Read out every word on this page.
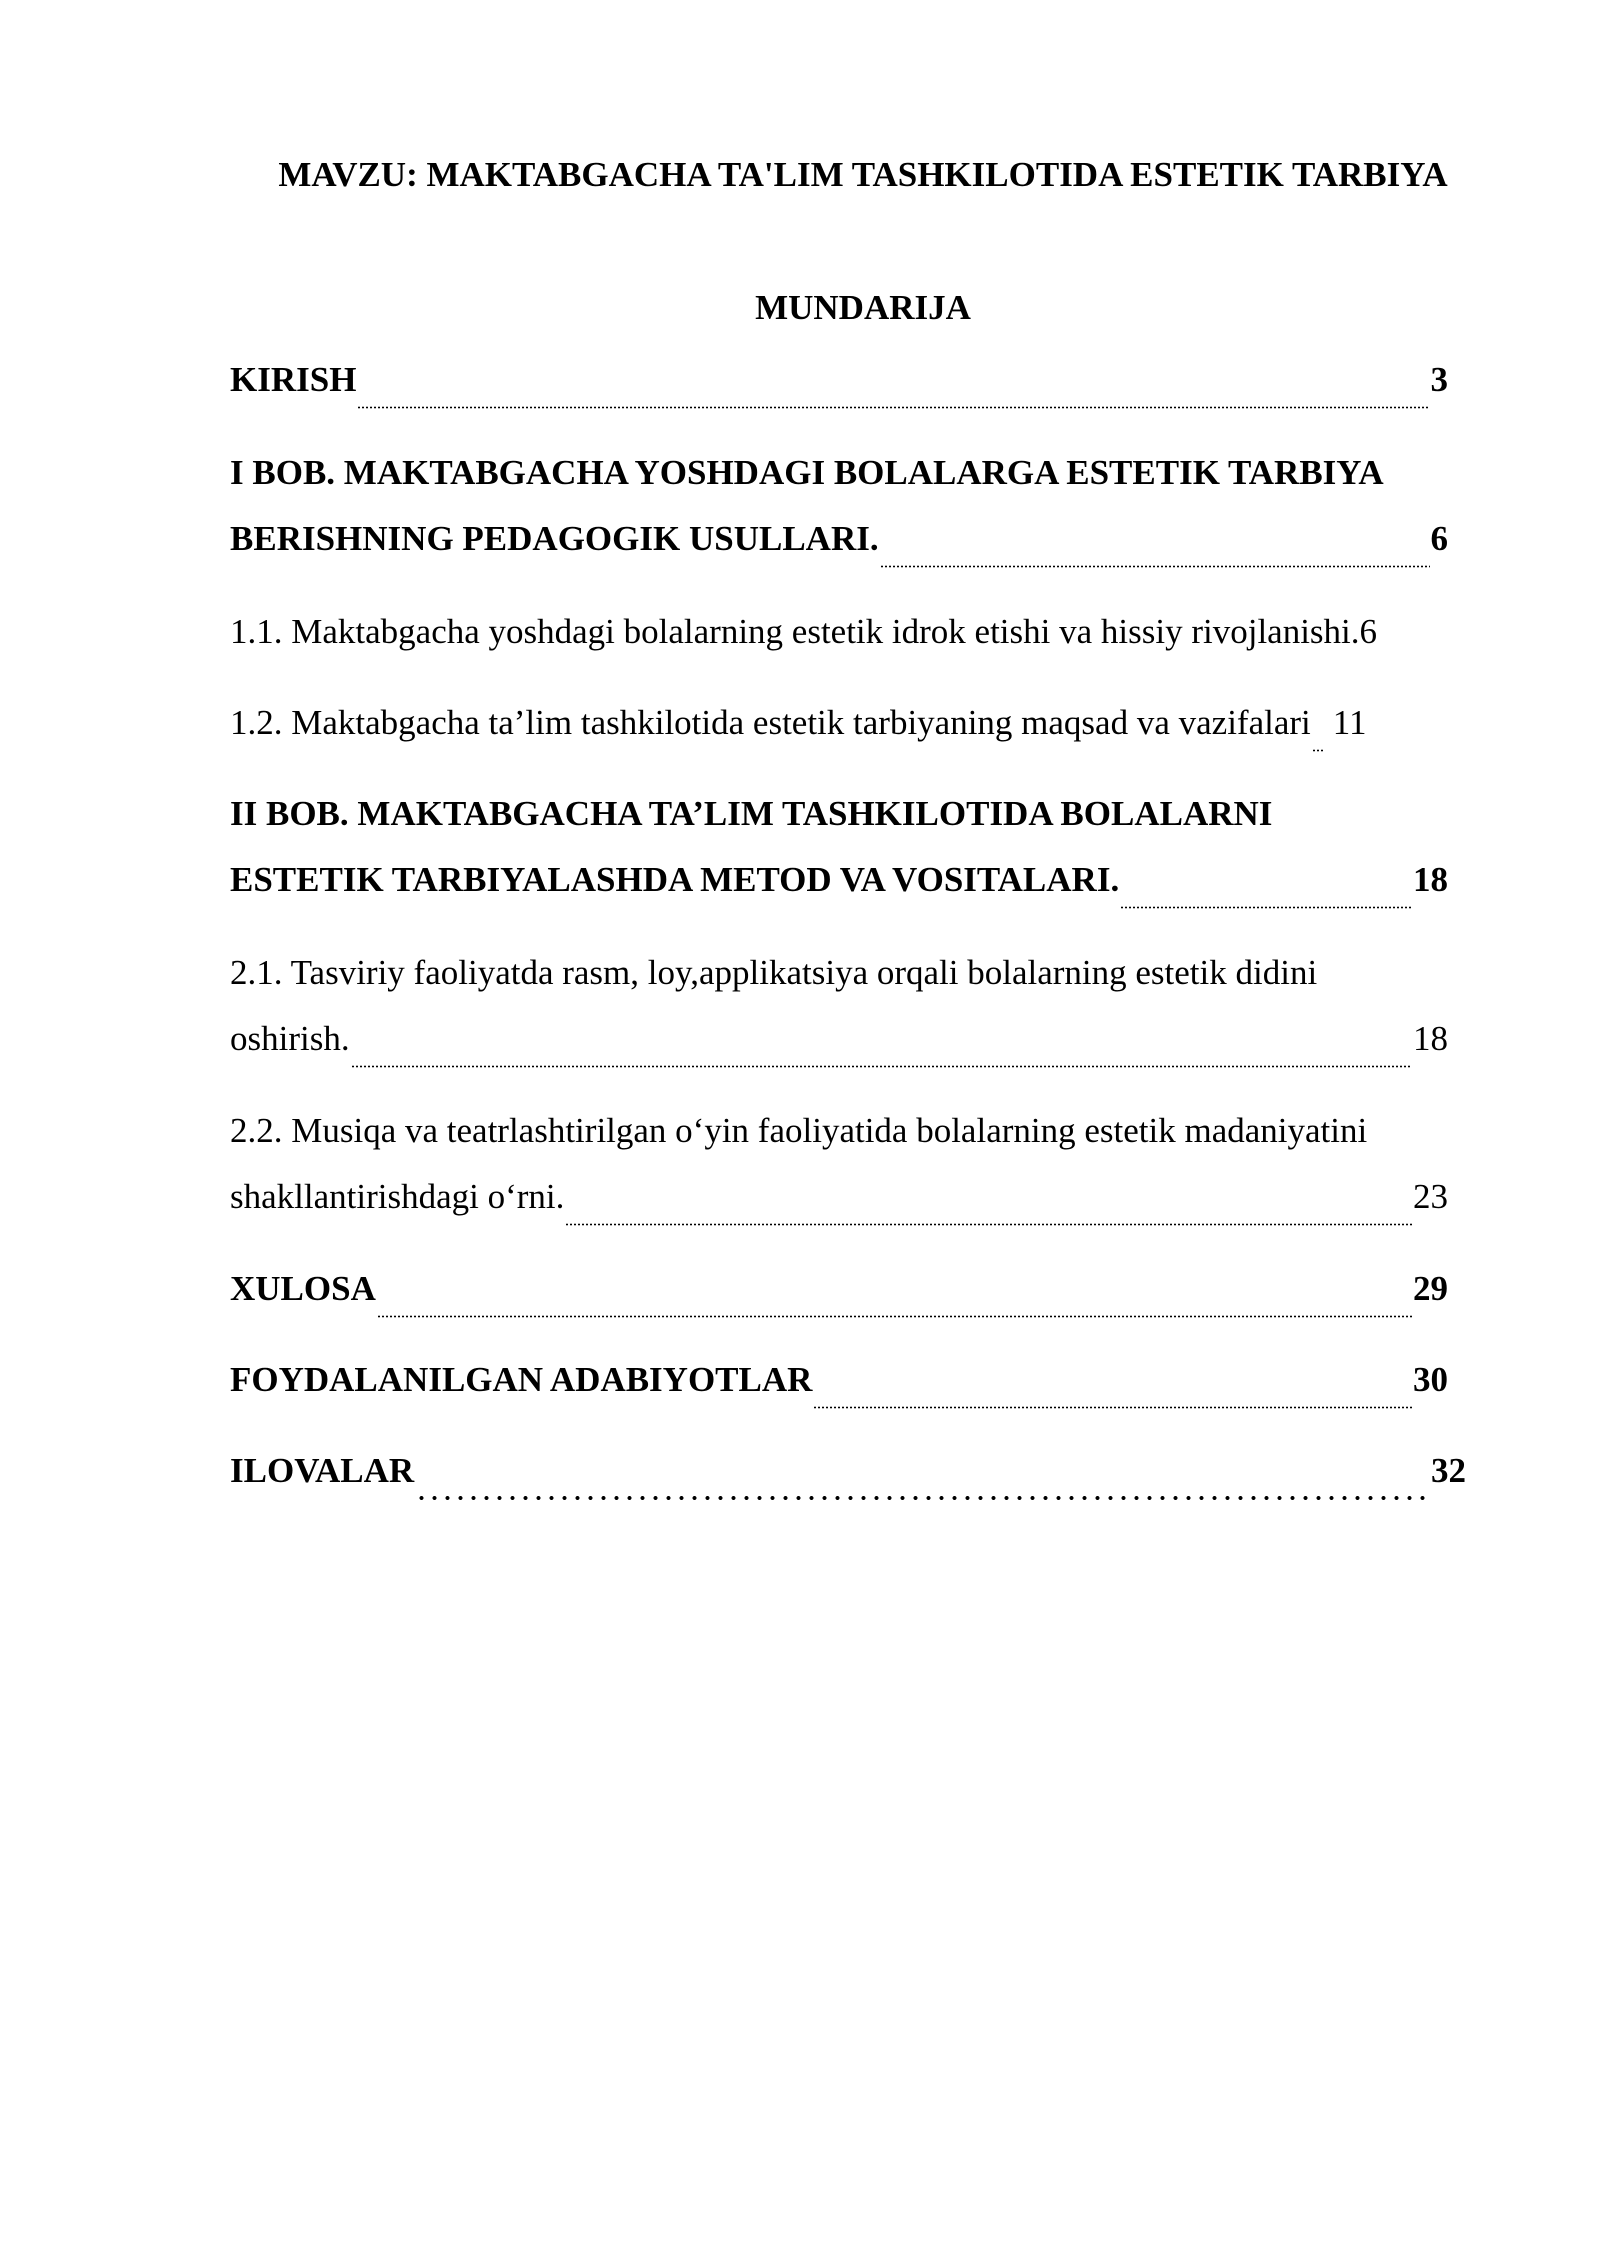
MAVZU: MAKTABGACHA TA'LIM TASHKILOTIDA ESTETIK TARBIYA
MUNDARIJA
KIRISH	3
I BOB. MAKTABGACHA YOSHDAGI BOLALARGA ESTETIK TARBIYA
BERISHNING PEDAGOGIK USULLARI.	6
1.1. Maktabgacha yoshdagi bolalarning estetik idrok etishi va hissiy rivojlanishi. 6
1.2. Maktabgacha ta’lim tashkilotida estetik tarbiyaning maqsad va vazifalari 11
II BOB. MAKTABGACHA TA’LIM TASHKILOTIDA BOLALARNI
ESTETIK TARBIYALASHDA METOD VA VOSITALARI.	18
2.1. Tasviriy faoliyatda rasm, loy,applikatsiya orqali bolalarning estetik didini
oshirish.	18
2.2. Musiqa va teatrlashtirilgan o‘yin faoliyatida bolalarning estetik madaniyatini
shakllantirishdagi o‘rni.	23
XULOSA	29
FOYDALANILGAN ADABIYOTLAR	30
ILOVALAR	32
